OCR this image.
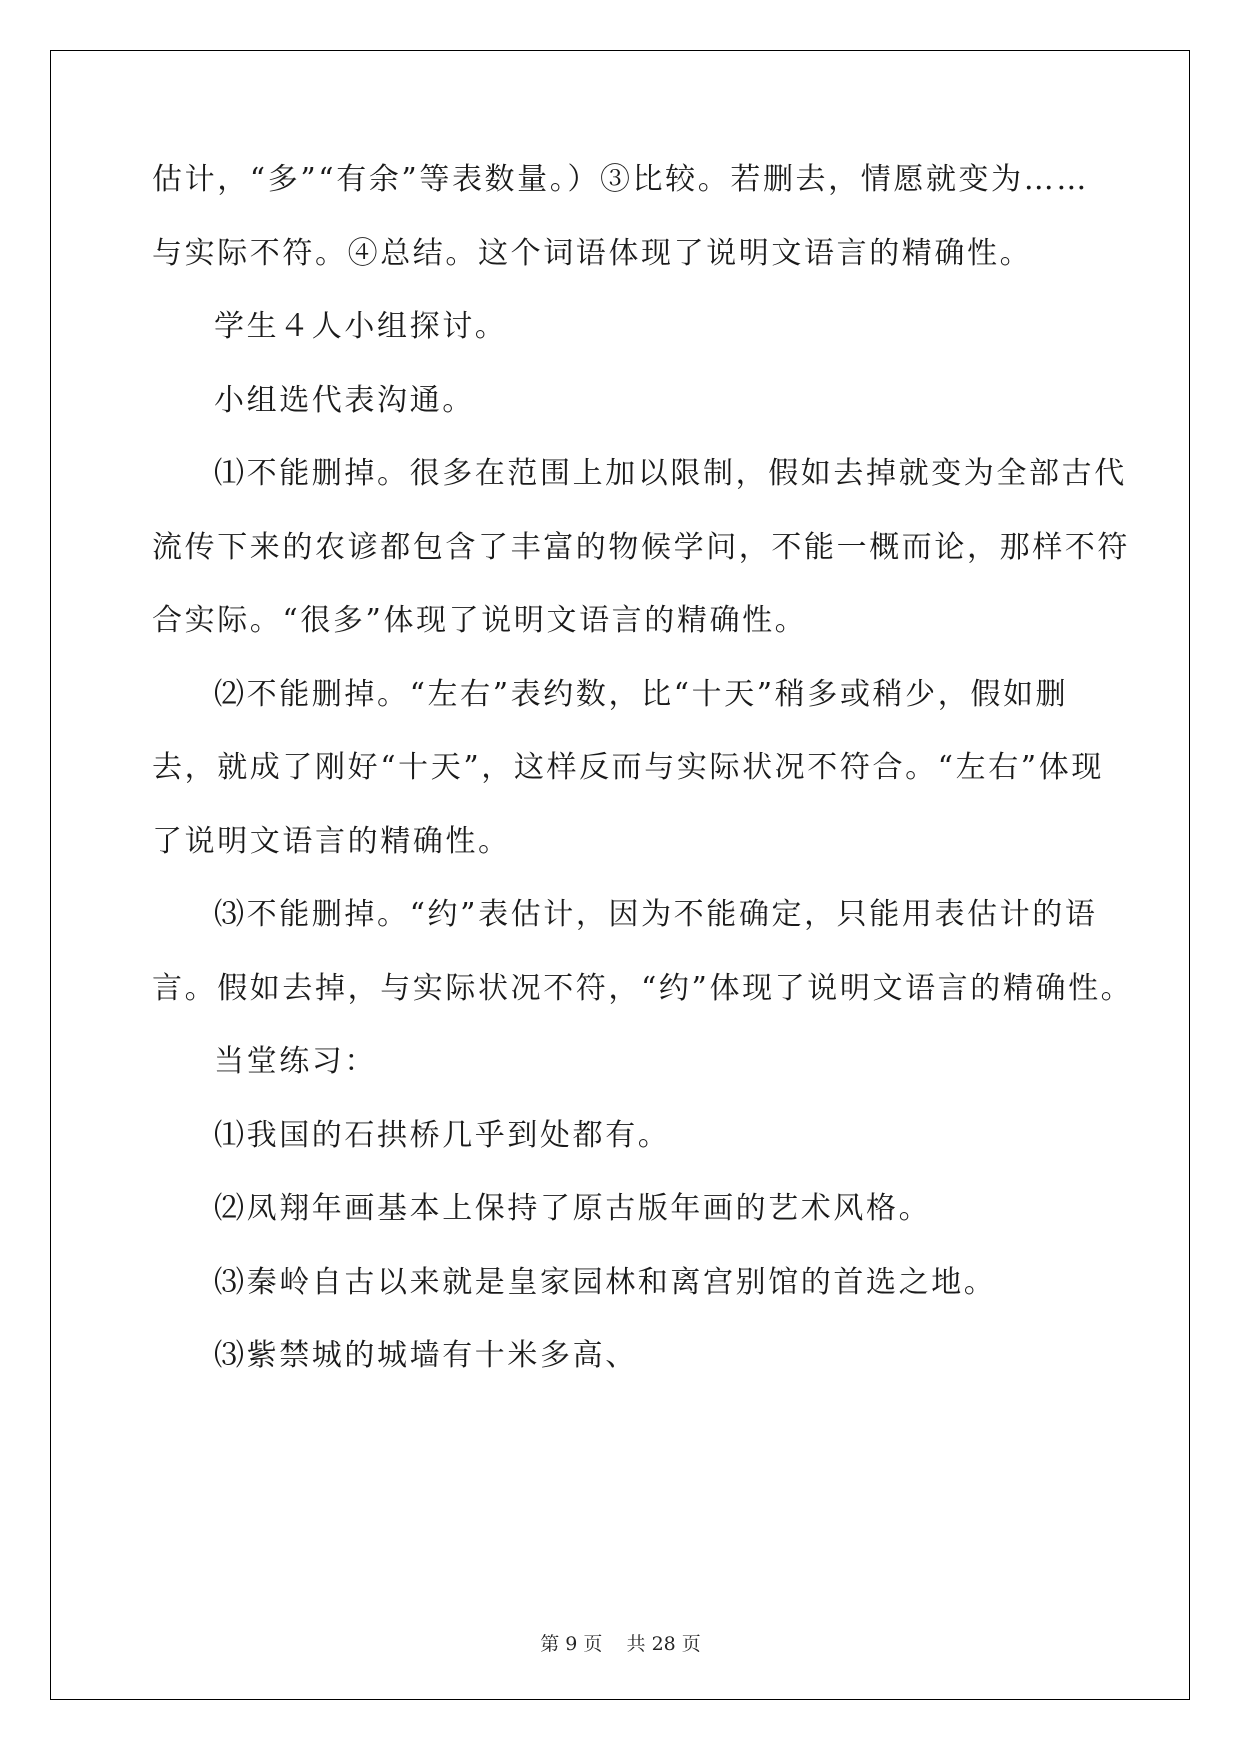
估计，“多”“有余”等表数量。）③比较。若删去，情愿就变为……
与实际不符。④总结。这个词语体现了说明文语言的精确性。
学生４人小组探讨。
小组选代表沟通。
⑴不能删掉。很多在范围上加以限制，假如去掉就变为全部古代
流传下来的农谚都包含了丰富的物候学问，不能一概而论，那样不符
合实际。“很多”体现了说明文语言的精确性。
⑵不能删掉。“左右”表约数，比“十天”稍多或稍少，假如删
去，就成了刚好“十天”，这样反而与实际状况不符合。“左右”体现
了说明文语言的精确性。
⑶不能删掉。“约”表估计，因为不能确定，只能用表估计的语
言。假如去掉，与实际状况不符，“约”体现了说明文语言的精确性。
当堂练习：
⑴我国的石拱桥几乎到处都有。
⑵凤翔年画基本上保持了原古版年画的艺术风格。
⑶秦岭自古以来就是皇家园林和离宫别馆的首选之地。
⑶紫禁城的城墙有十米多高、
第 9 页 共 28 页
